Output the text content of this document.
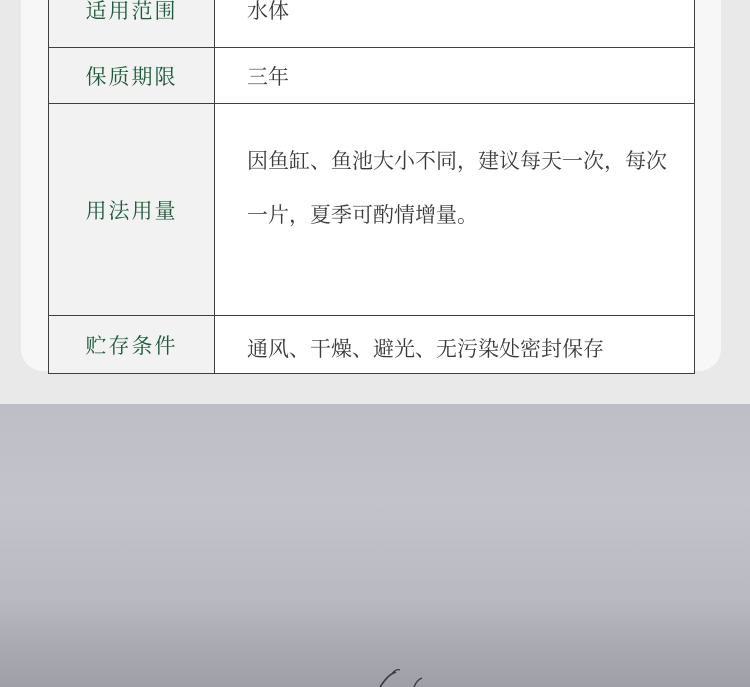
适用范围	水体
保质期限	三年
用法用量	因鱼缸、鱼池大小不同，建议每天一次，每次一片，夏季可酌情增量。
贮存条件	通风、干燥、避光、无污染处密封保存
